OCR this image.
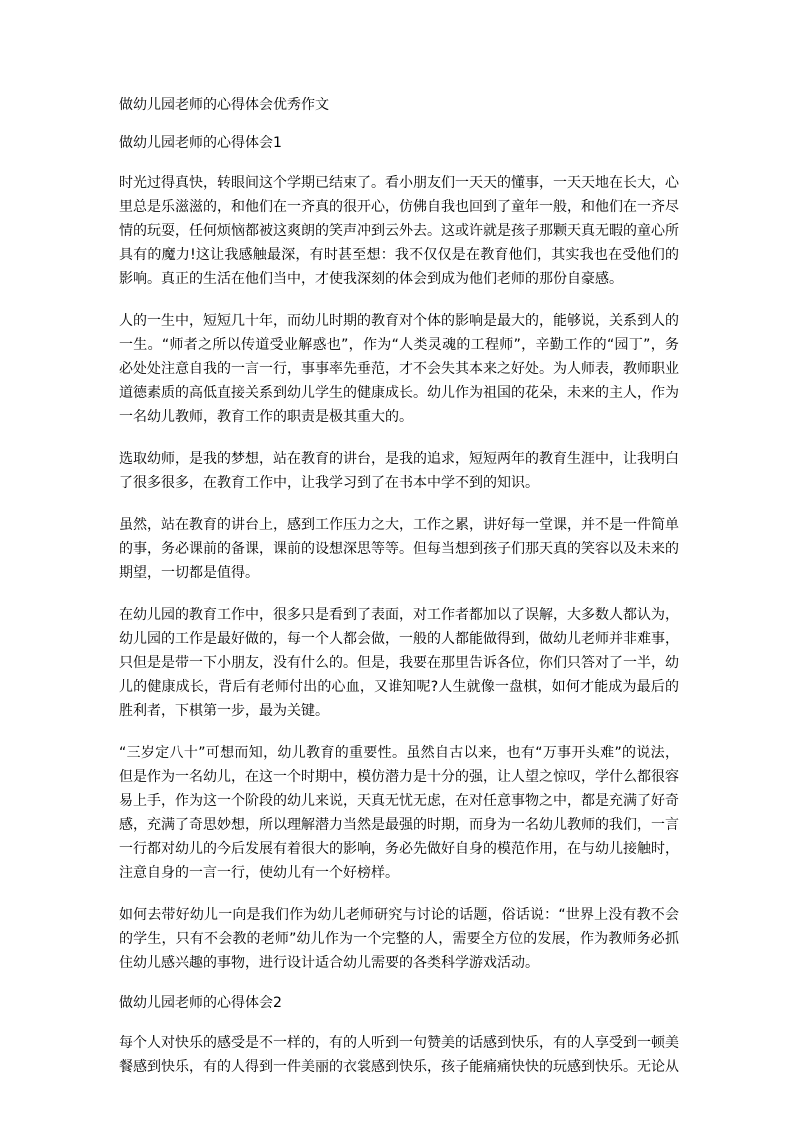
做幼儿园老师的心得体会优秀作文
做幼儿园老师的心得体会1
时光过得真快，转眼间这个学期已结束了。看小朋友们一天天的懂事，一天天地在长大，心里总是乐滋滋的，和他们在一齐真的很开心，仿佛自我也回到了童年一般，和他们在一齐尽情的玩耍，任何烦恼都被这爽朗的笑声冲到云外去。这或许就是孩子那颗天真无暇的童心所具有的魔力!这让我感触最深，有时甚至想：我不仅仅是在教育他们，其实我也在受他们的影响。真正的生活在他们当中，才使我深刻的体会到成为他们老师的那份自豪感。
人的一生中，短短几十年，而幼儿时期的教育对个体的影响是最大的，能够说，关系到人的一生。“师者之所以传道受业解惑也”，作为“人类灵魂的工程师”，辛勤工作的“园丁”，务必处处注意自我的一言一行，事事率先垂范，才不会失其本来之好处。为人师表，教师职业道德素质的高低直接关系到幼儿学生的健康成长。幼儿作为祖国的花朵，未来的主人，作为一名幼儿教师，教育工作的职责是极其重大的。
选取幼师，是我的梦想，站在教育的讲台，是我的追求，短短两年的教育生涯中，让我明白了很多很多，在教育工作中，让我学习到了在书本中学不到的知识。
虽然，站在教育的讲台上，感到工作压力之大，工作之累，讲好每一堂课，并不是一件简单的事，务必课前的备课，课前的设想深思等等。但每当想到孩子们那天真的笑容以及未来的期望，一切都是值得。
在幼儿园的教育工作中，很多只是看到了表面，对工作者都加以了误解，大多数人都认为，幼儿园的工作是最好做的，每一个人都会做，一般的人都能做得到，做幼儿老师并非难事，只但是是带一下小朋友，没有什么的。但是，我要在那里告诉各位，你们只答对了一半，幼儿的健康成长，背后有老师付出的心血，又谁知呢?人生就像一盘棋，如何才能成为最后的胜利者，下棋第一步，最为关键。
“三岁定八十”可想而知，幼儿教育的重要性。虽然自古以来，也有“万事开头难”的说法，但是作为一名幼儿，在这一个时期中，模仿潜力是十分的强，让人望之惊叹，学什么都很容易上手，作为这一个阶段的幼儿来说，天真无忧无虑，在对任意事物之中，都是充满了好奇感，充满了奇思妙想，所以理解潜力当然是最强的时期，而身为一名幼儿教师的我们，一言一行都对幼儿的今后发展有着很大的影响，务必先做好自身的模范作用，在与幼儿接触时，注意自身的一言一行，使幼儿有一个好榜样。
如何去带好幼儿一向是我们作为幼儿老师研究与讨论的话题，俗话说：“世界上没有教不会的学生，只有不会教的老师”幼儿作为一个完整的人，需要全方位的发展，作为教师务必抓住幼儿感兴趣的事物，进行设计适合幼儿需要的各类科学游戏活动。
做幼儿园老师的心得体会2
每个人对快乐的感受是不一样的，有的人听到一句赞美的话感到快乐，有的人享受到一顿美餐感到快乐，有的人得到一件美丽的衣裳感到快乐，孩子能痛痛快快的玩感到快乐。无论从
